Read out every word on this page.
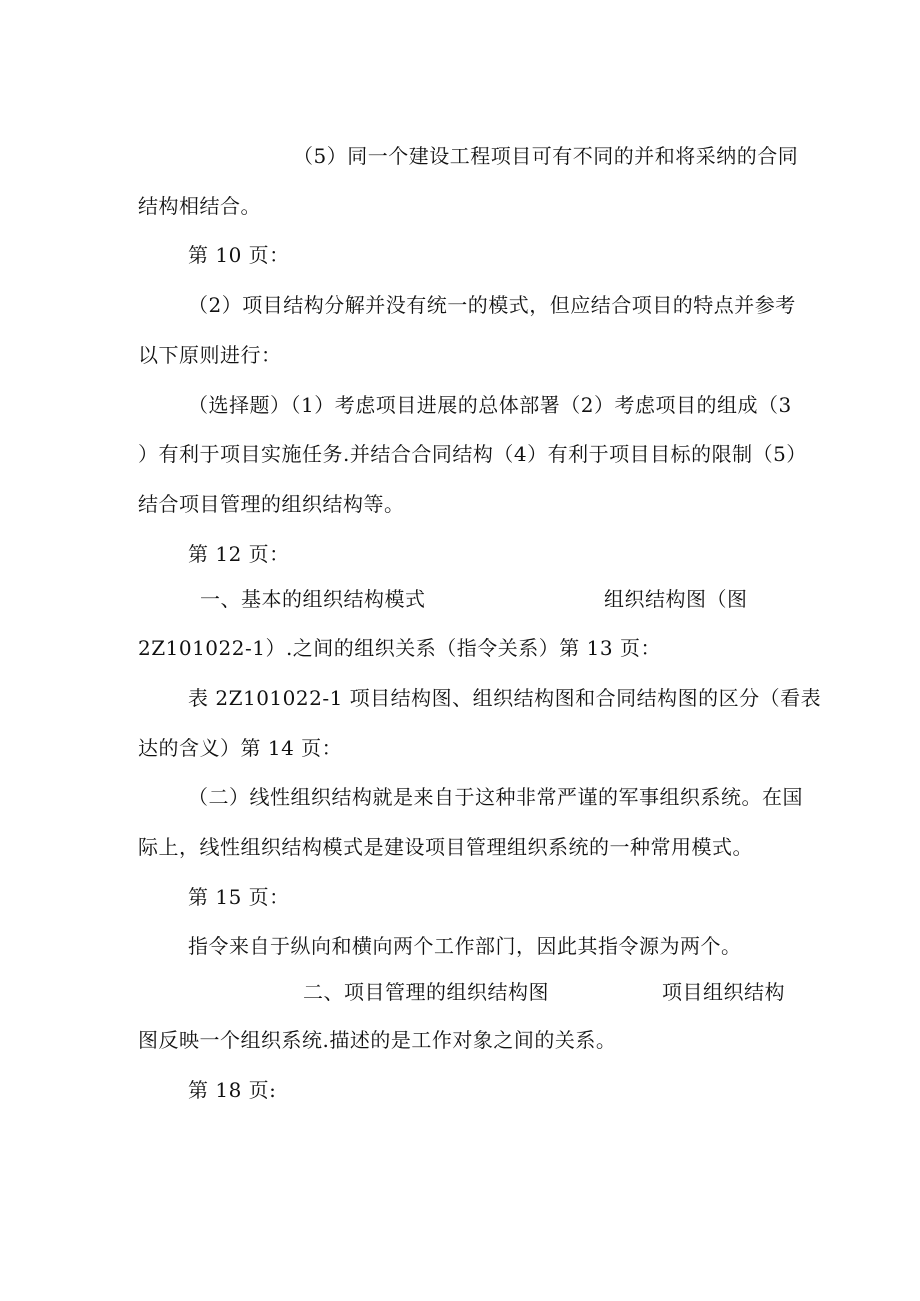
（5）同一个建设工程项目可有不同的并和将采纳的合同

结构相结合。

第 10 页：

（2）项目结构分解并没有统一的模式，但应结合项目的特点并参考

以下原则进行：

（选择题）（1）考虑项目进展的总体部署（2）考虑项目的组成（3

）有利于项目实施任务.并结合合同结构（4）有利于项目目标的限制（5）

结合项目管理的组织结构等。

第 12 页：

一、基本的组织结构模式

	组织结构图（图

2Z101022-1）.之间的组织关系（指令关系）第 13 页：

表 2Z101022-1 项目结构图、组织结构图和合同结构图的区分（看表

达的含义）第 14 页：

（二）线性组织结构就是来自于这种非常严谨的军事组织系统。在国

际上，线性组织结构模式是建设项目管理组织系统的一种常用模式。

第 15 页：

指令来自于纵向和横向两个工作部门，因此其指令源为两个。

二、项目管理的组织结构图

	项目组织结构

图反映一个组织系统.描述的是工作对象之间的关系。

第 18 页:
